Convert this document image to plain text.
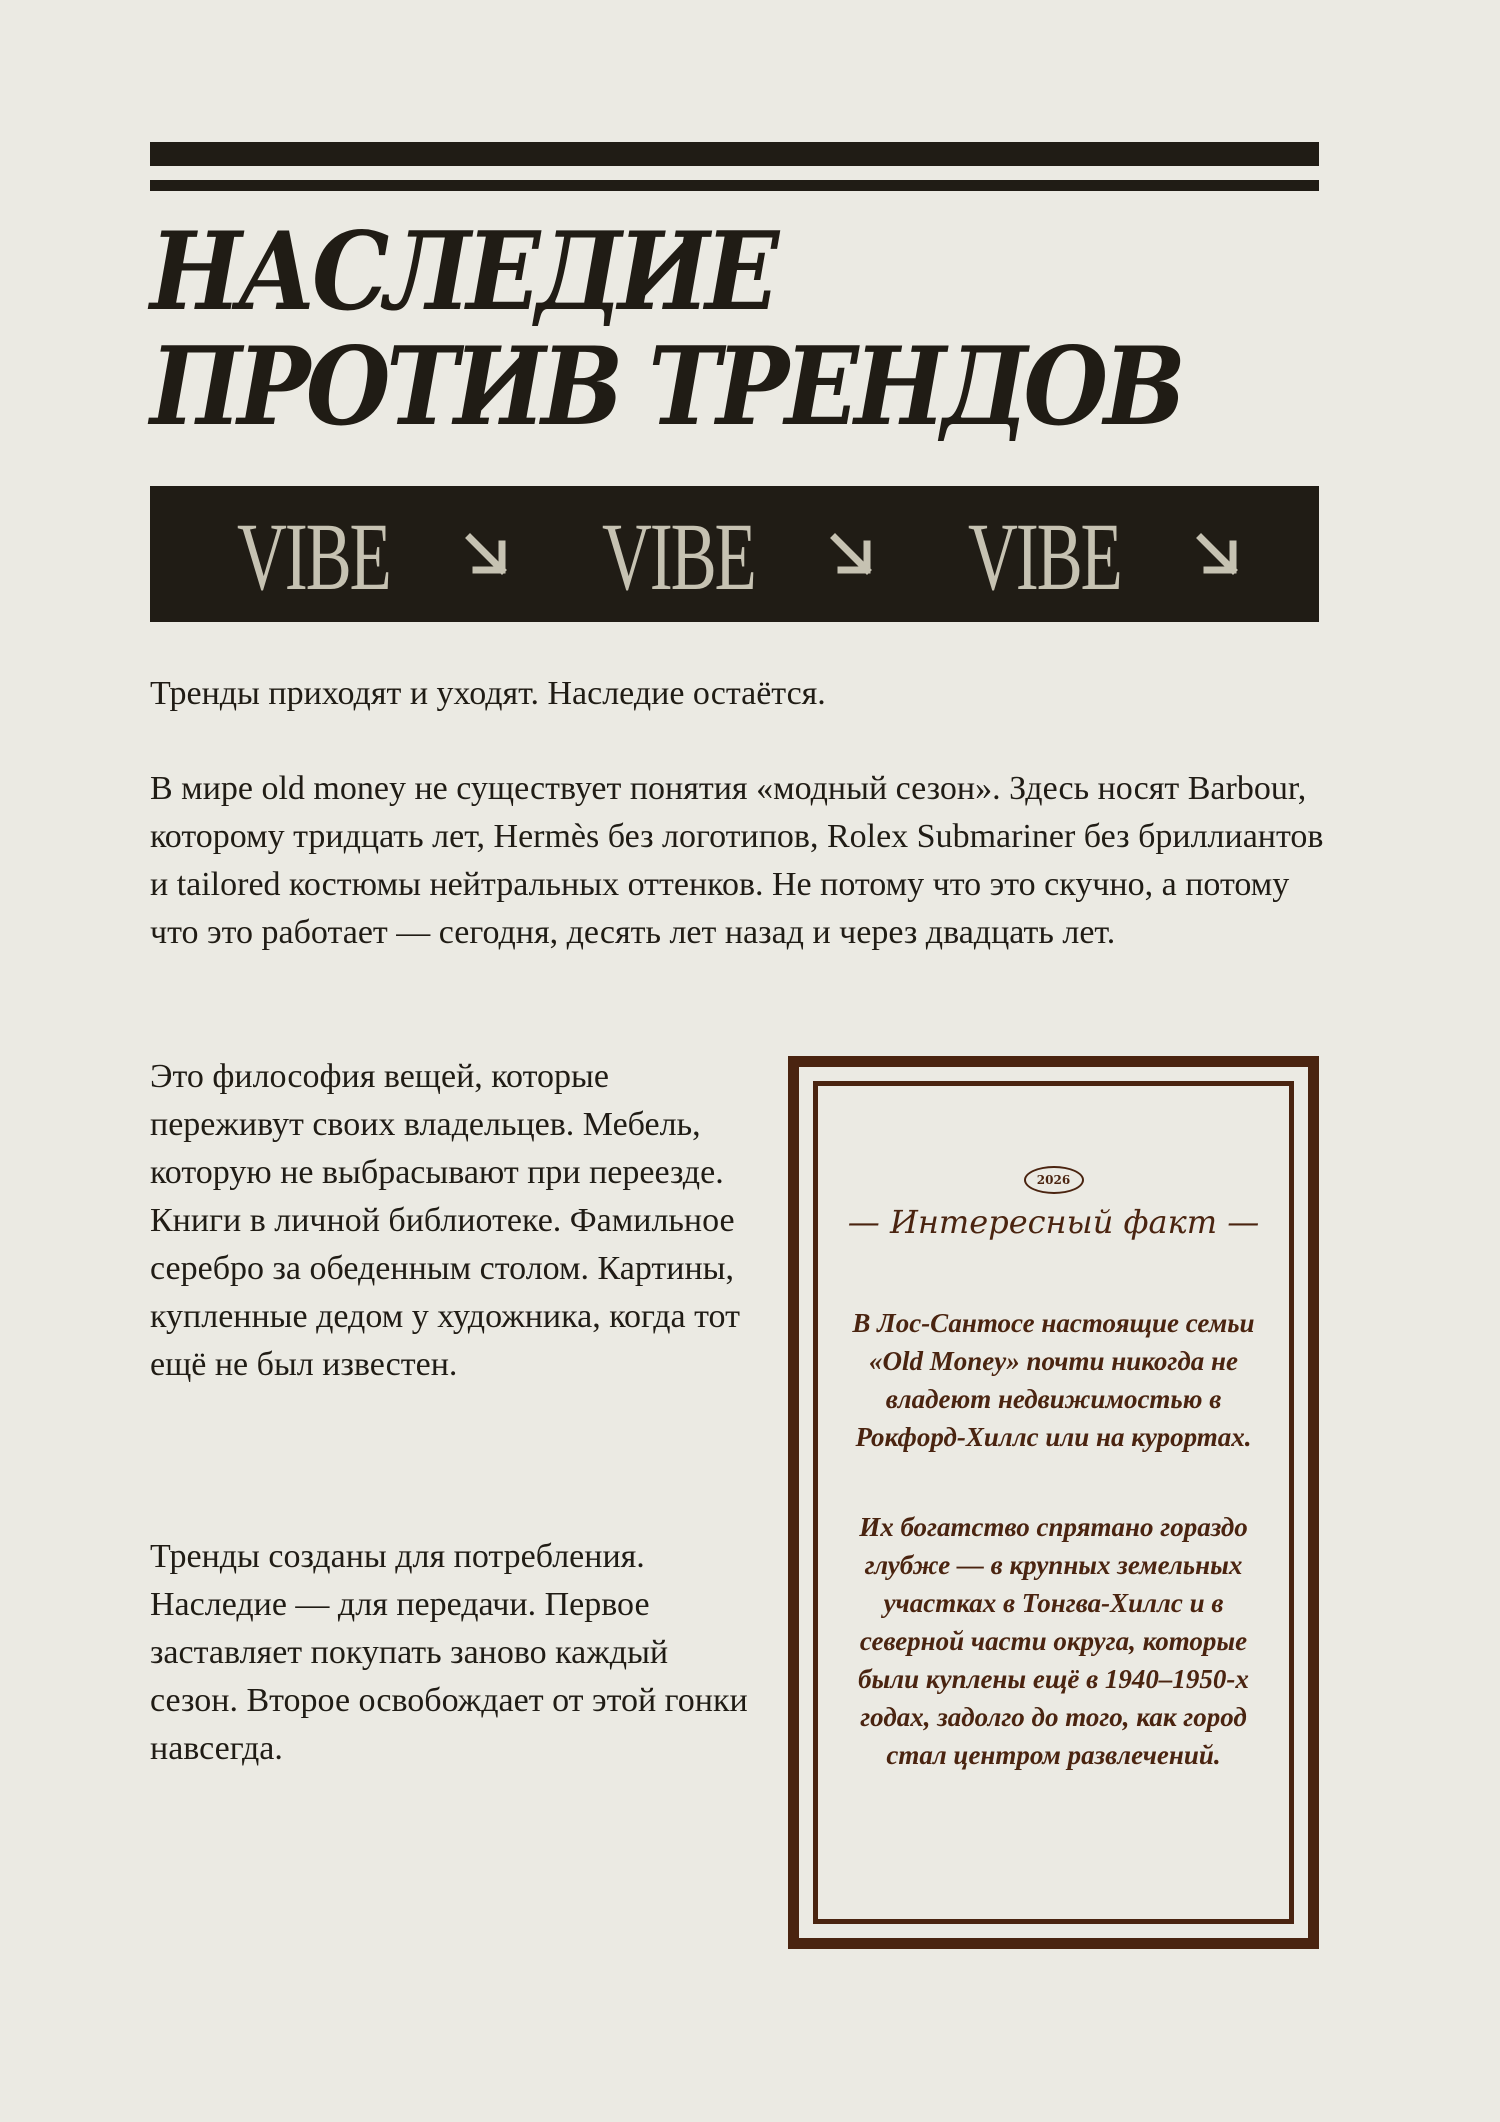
НАСЛЕДИЕ ПРОТИВ ТРЕНДОВ
VIBE VIBE VIBE

Тренды приходят и уходят. Наследие остаётся.

В мире old money не существует понятия «модный сезон». Здесь носят Barbour, которому тридцать лет, Hermès без логотипов, Rolex Submariner без бриллиантов и tailored костюмы нейтральных оттенков. Не потому что это скучно, а потому что это работает — сегодня, десять лет назад и через двадцать лет.

Это философия вещей, которые переживут своих владельцев. Мебель, которую не выбрасывают при переезде. Книги в личной библиотеке. Фамильное серебро за обеденным столом. Картины, купленные дедом у художника, когда тот ещё не был известен.

Тренды созданы для потребления. Наследие — для передачи. Первое заставляет покупать заново каждый сезон. Второе освобождает от этой гонки навсегда.

2026
— Интересный факт —

В Лос-Сантосе настоящие семьи «Old Money» почти никогда не владеют недвижимостью в Рокфорд-Хиллс или на курортах.

Их богатство спрятано гораздо глубже — в крупных земельных участках в Тонгва-Хиллс и в северной части округа, которые были куплены ещё в 1940–1950-х годах, задолго до того, как город стал центром развлечений.
